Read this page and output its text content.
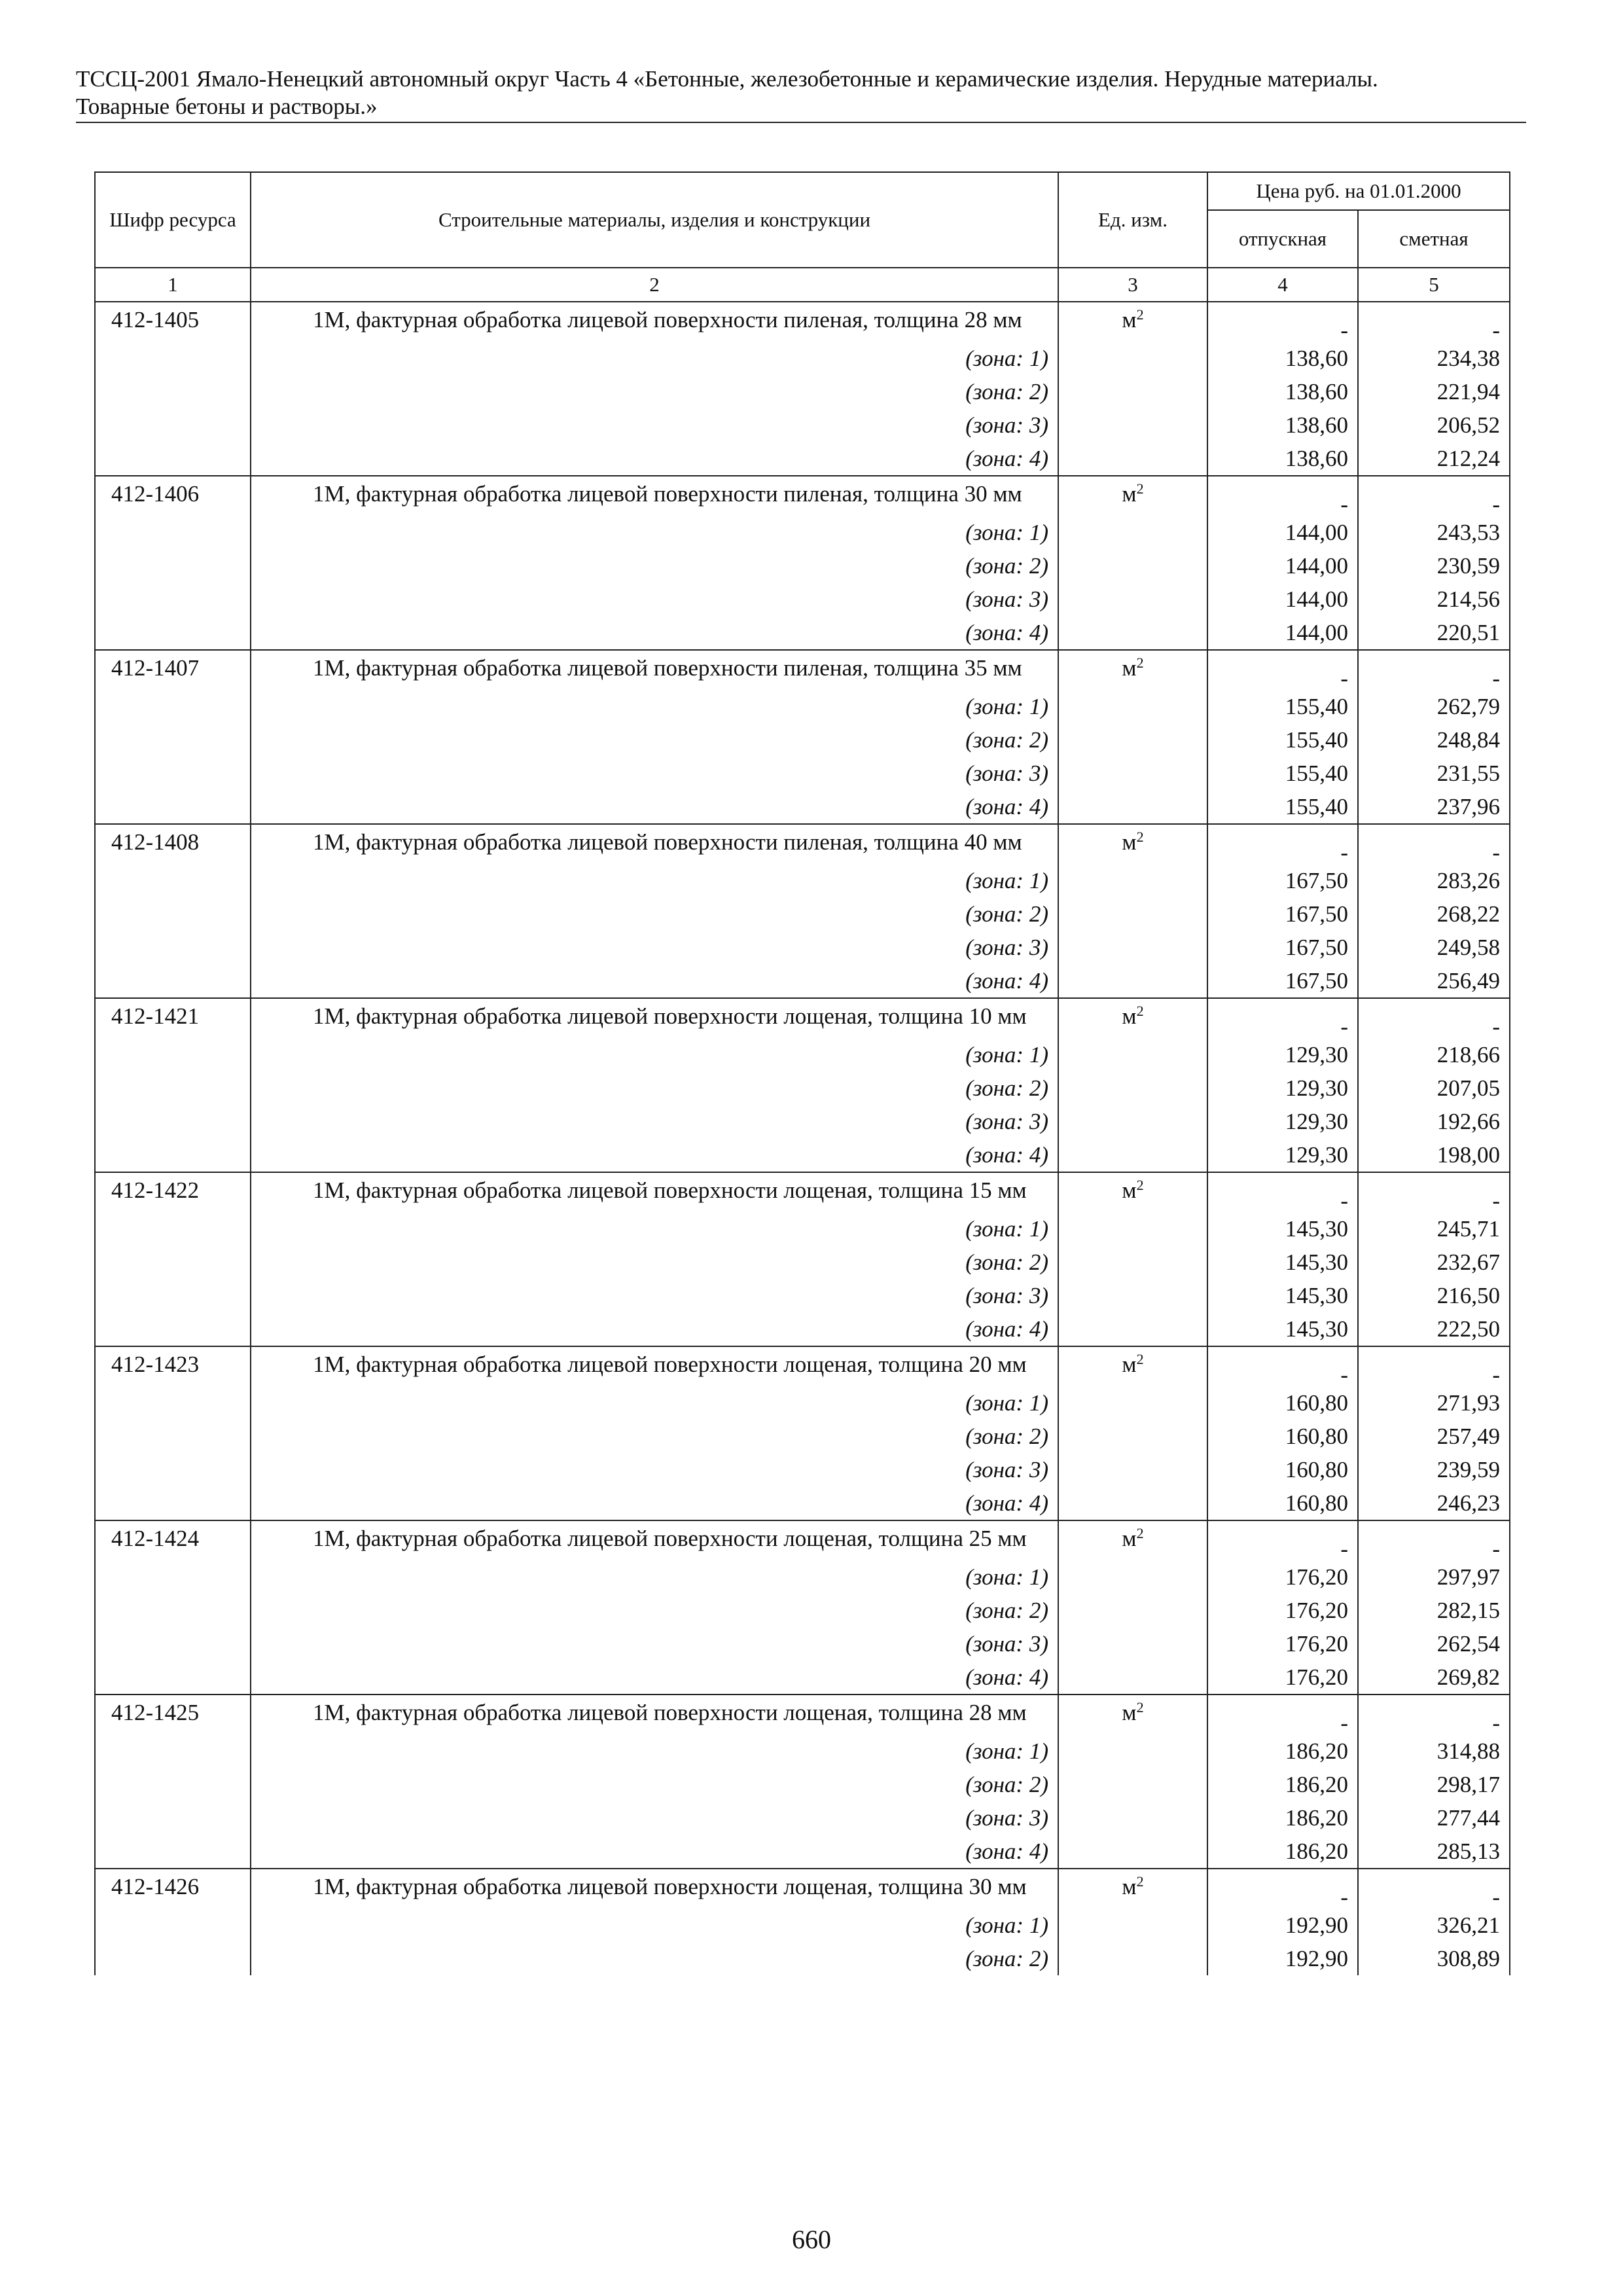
ТССЦ-2001 Ямало-Ненецкий автономный округ Часть 4 «Бетонные, железобетонные и керамические изделия. Нерудные материалы.
Товарные бетоны и растворы.»
Шифр ресурса	Строительные материалы, изделия и конструкции	Ед. изм.	Цена руб. на 01.01.2000	
			отпускная	сметная
1	2	3	4	5
412-1405	1М, фактурная обработка лицевой поверхности пиленая, толщина 28 мм	$м^2$	-	-
	(зона: 1)		138,60	234,38
	(зона: 2)		138,60	221,94
	(зона: 3)		138,60	206,52
	(зона: 4)		138,60	212,24
412-1406	1М, фактурная обработка лицевой поверхности пиленая, толщина 30 мм	$м^2$	-	-
	(зона: 1)		144,00	243,53
	(зона: 2)		144,00	230,59
	(зона: 3)		144,00	214,56
	(зона: 4)		144,00	220,51
412-1407	1М, фактурная обработка лицевой поверхности пиленая, толщина 35 мм	$м^2$	-	-
	(зона: 1)		155,40	262,79
	(зона: 2)		155,40	248,84
	(зона: 3)		155,40	231,55
	(зона: 4)		155,40	237,96
412-1408	1М, фактурная обработка лицевой поверхности пиленая, толщина 40 мм	$м^2$	-	-
	(зона: 1)		167,50	283,26
	(зона: 2)		167,50	268,22
	(зона: 3)		167,50	249,58
	(зона: 4)		167,50	256,49
412-1421	1М, фактурная обработка лицевой поверхности лощеная, толщина 10 мм	$м^2$	-	-
	(зона: 1)		129,30	218,66
	(зона: 2)		129,30	207,05
	(зона: 3)		129,30	192,66
	(зона: 4)		129,30	198,00
412-1422	1М, фактурная обработка лицевой поверхности лощеная, толщина 15 мм	$м^2$	-	-
	(зона: 1)		145,30	245,71
	(зона: 2)		145,30	232,67
	(зона: 3)		145,30	216,50
	(зона: 4)		145,30	222,50
412-1423	1М, фактурная обработка лицевой поверхности лощеная, толщина 20 мм	$м^2$	-	-
	(зона: 1)		160,80	271,93
	(зона: 2)		160,80	257,49
	(зона: 3)		160,80	239,59
	(зона: 4)		160,80	246,23
412-1424	1М, фактурная обработка лицевой поверхности лощеная, толщина 25 мм	$м^2$	-	-
	(зона: 1)		176,20	297,97
	(зона: 2)		176,20	282,15
	(зона: 3)		176,20	262,54
	(зона: 4)		176,20	269,82
412-1425	1М, фактурная обработка лицевой поверхности лощеная, толщина 28 мм	$м^2$	-	-
	(зона: 1)		186,20	314,88
	(зона: 2)		186,20	298,17
	(зона: 3)		186,20	277,44
	(зона: 4)		186,20	285,13
412-1426	1М, фактурная обработка лицевой поверхности лощеная, толщина 30 мм	$м^2$	-	-
	(зона: 1)		192,90	326,21
	(зона: 2)		192,90	308,89
660
